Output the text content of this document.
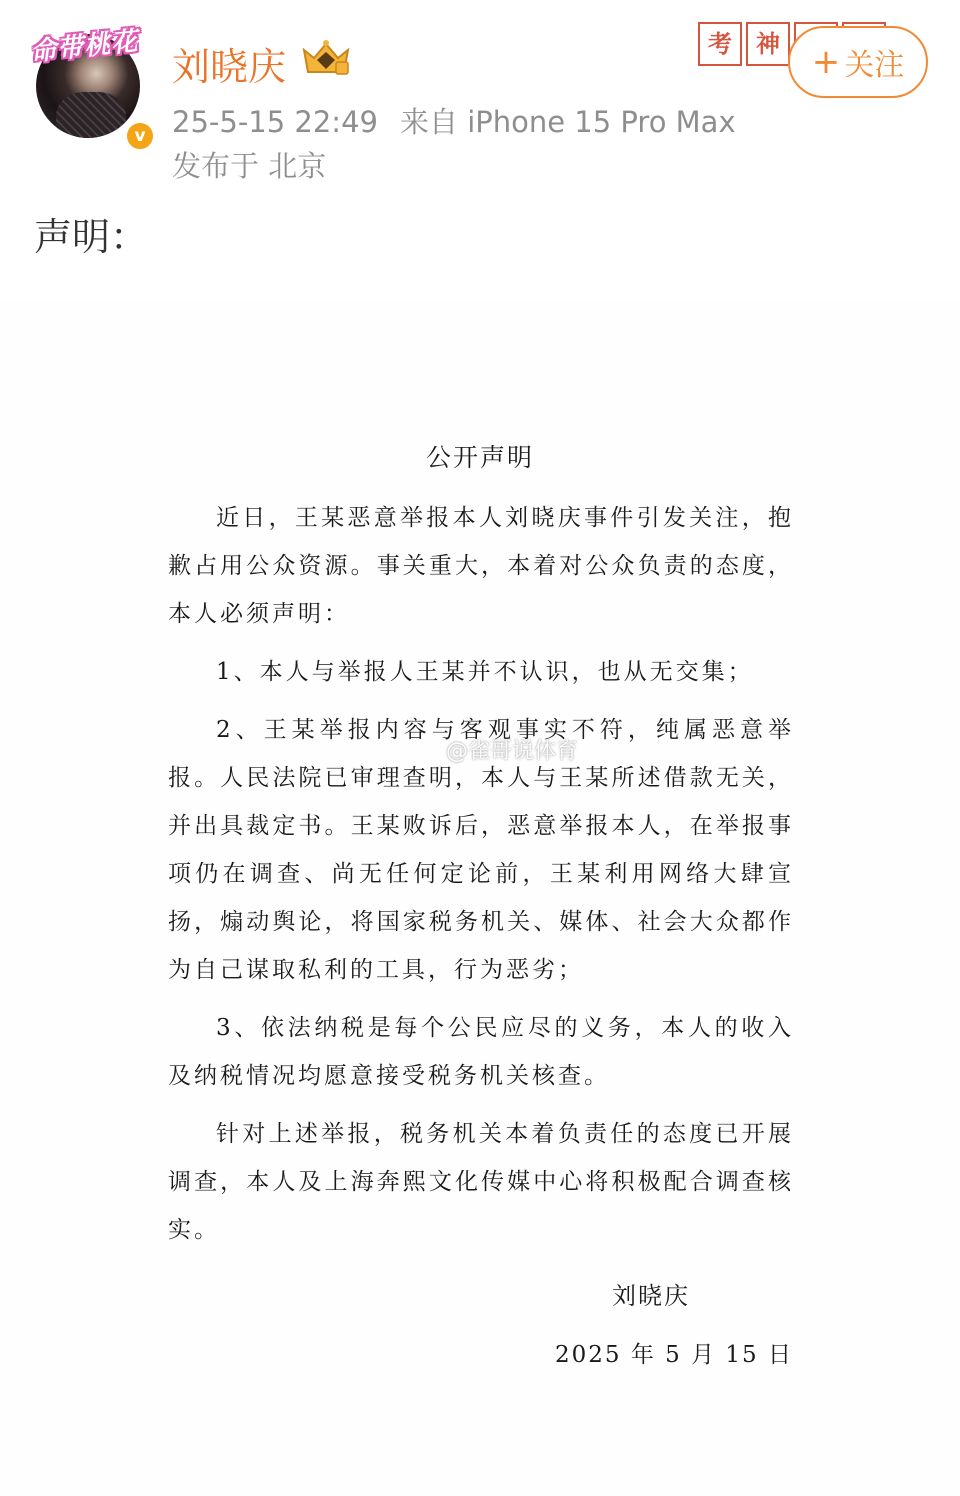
命带桃花
v
刘晓庆
25-5-15 22:49 来自 iPhone 15 Pro Max
发布于 北京
考	神 + 关注
声明：
公开声明

近日，王某恶意举报本人刘晓庆事件引发关注，抱歉占用公众资源。事关重大，本着对公众负责的态度，本人必须声明：

1、本人与举报人王某并不认识，也从无交集；

2、王某举报内容与客观事实不符，纯属恶意举报。人民法院已审理查明，本人与王某所述借款无关，并出具裁定书。王某败诉后，恶意举报本人，在举报事项仍在调查、尚无任何定论前，王某利用网络大肆宣扬，煽动舆论，将国家税务机关、媒体、社会大众都作为自己谋取私利的工具，行为恶劣；

3、依法纳税是每个公民应尽的义务，本人的收入及纳税情况均愿意接受税务机关核查。

针对上述举报，税务机关本着负责任的态度已开展调查，本人及上海奔熙文化传媒中心将积极配合调查核实。

@雀哥说体育
刘晓庆
2025 年 5 月 15 日
